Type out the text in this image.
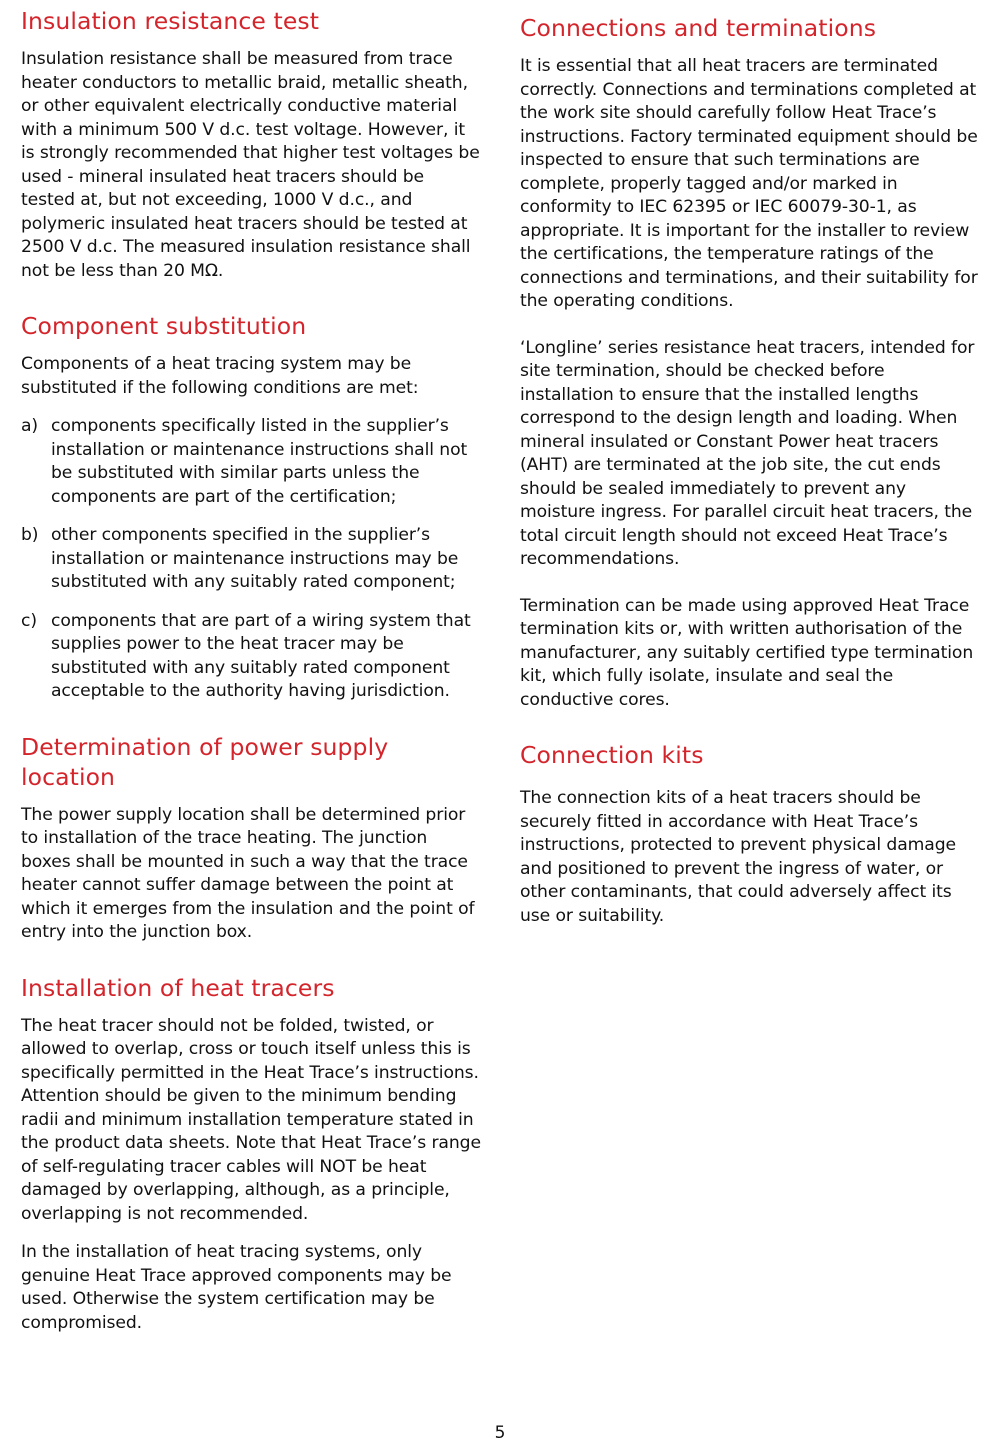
Insulation resistance test

Insulation resistance shall be measured from trace heater conductors to metallic braid, metallic sheath, or other equivalent electrically conductive material with a minimum 500 V d.c. test voltage. However, it is strongly recommended that higher test voltages be used - mineral insulated heat tracers should be tested at, but not exceeding, 1000 V d.c., and polymeric insulated heat tracers should be tested at 2500 V d.c. The measured insulation resistance shall not be less than 20 MΩ.

Component substitution

Components of a heat tracing system may be substituted if the following conditions are met:

a) components specifically listed in the supplier’s installation or maintenance instructions shall not be substituted with similar parts unless the components are part of the certification;
b) other components specified in the supplier’s installation or maintenance instructions may be substituted with any suitably rated component;
c) components that are part of a wiring system that supplies power to the heat tracer may be substituted with any suitably rated component acceptable to the authority having jurisdiction.
Determination of power supply location

The power supply location shall be determined prior to installation of the trace heating. The junction boxes shall be mounted in such a way that the trace heater cannot suffer damage between the point at which it emerges from the insulation and the point of entry into the junction box.

Installation of heat tracers

The heat tracer should not be folded, twisted, or allowed to overlap, cross or touch itself unless this is specifically permitted in the Heat Trace’s instructions. Attention should be given to the minimum bending radii and minimum installation temperature stated in the product data sheets. Note that Heat Trace’s range of self-regulating tracer cables will NOT be heat damaged by overlapping, although, as a principle, overlapping is not recommended.

In the installation of heat tracing systems, only genuine Heat Trace approved components may be used. Otherwise the system certification may be compromised.

Connections and terminations

It is essential that all heat tracers are terminated correctly. Connections and terminations completed at the work site should carefully follow Heat Trace’s instructions. Factory terminated equipment should be inspected to ensure that such terminations are complete, properly tagged and/or marked in conformity to IEC 62395 or IEC 60079-30-1, as appropriate. It is important for the installer to review the certifications, the temperature ratings of the connections and terminations, and their suitability for the operating conditions.

‘Longline’ series resistance heat tracers, intended for site termination, should be checked before installation to ensure that the installed lengths correspond to the design length and loading. When mineral insulated or Constant Power heat tracers (AHT) are terminated at the job site, the cut ends should be sealed immediately to prevent any moisture ingress. For parallel circuit heat tracers, the total circuit length should not exceed Heat Trace’s recommendations.

Termination can be made using approved Heat Trace termination kits or, with written authorisation of the manufacturer, any suitably certified type termination kit, which fully isolate, insulate and seal the conductive cores.

Connection kits

The connection kits of a heat tracers should be securely fitted in accordance with Heat Trace’s instructions, protected to prevent physical damage and positioned to prevent the ingress of water, or other contaminants, that could adversely affect its use or suitability.

5
